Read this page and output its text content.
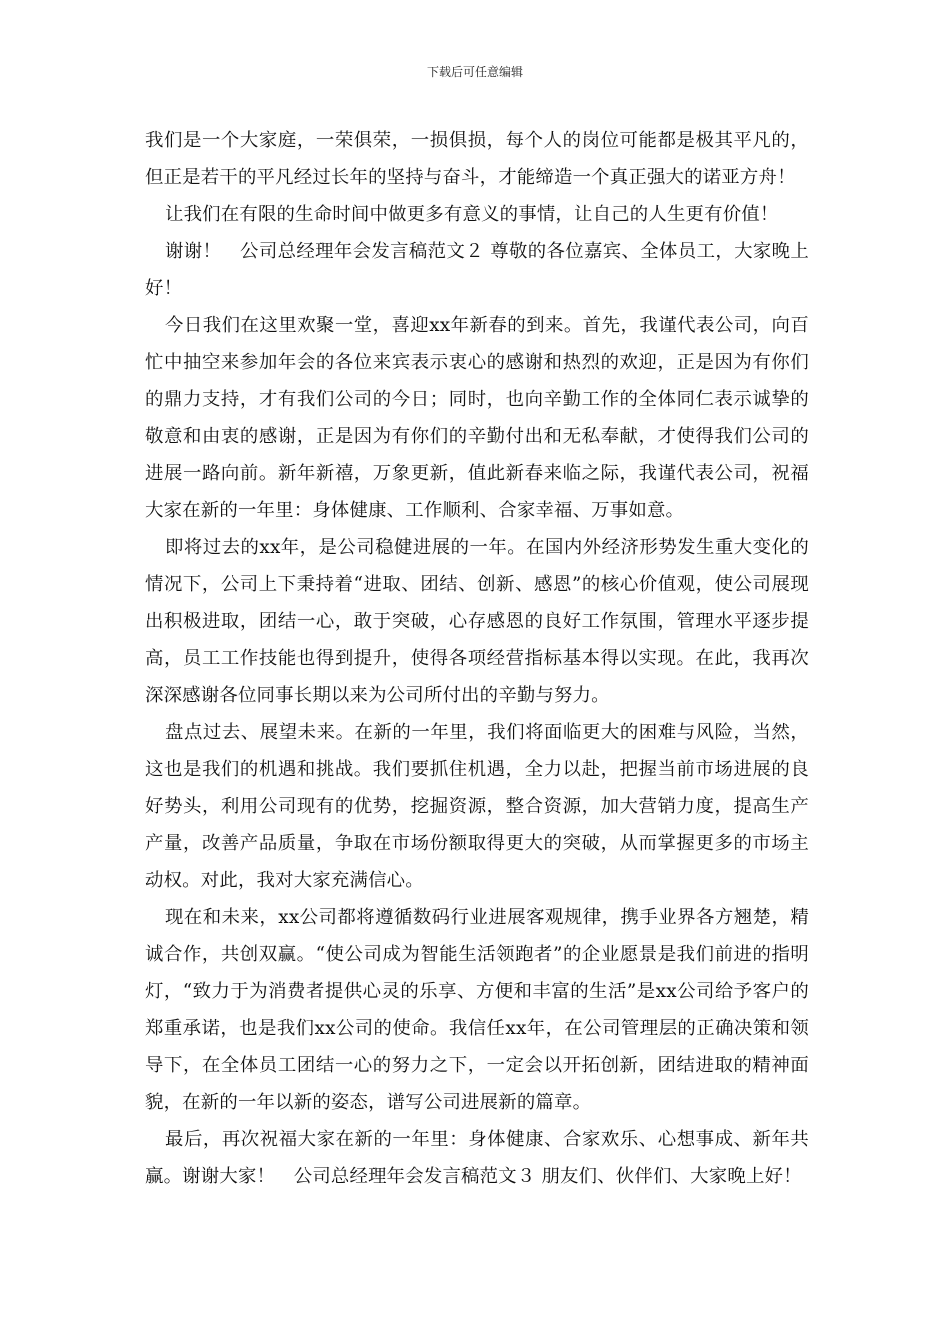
下载后可任意编辑

我们是一个大家庭，一荣俱荣，一损俱损，每个人的岗位可能都是极其平凡的，但正是若干的平凡经过长年的坚持与奋斗，才能缔造一个真正强大的诺亚方舟！

让我们在有限的生命时间中做更多有意义的事情，让自己的人生更有价值！

谢谢！　公司总经理年会发言稿范文２ 尊敬的各位嘉宾、全体员工，大家晚上好！

今日我们在这里欢聚一堂，喜迎xx年新春的到来。首先，我谨代表公司，向百忙中抽空来参加年会的各位来宾表示衷心的感谢和热烈的欢迎，正是因为有你们的鼎力支持，才有我们公司的今日；同时，也向辛勤工作的全体同仁表示诚挚的敬意和由衷的感谢，正是因为有你们的辛勤付出和无私奉献，才使得我们公司的进展一路向前。新年新禧，万象更新，值此新春来临之际，我谨代表公司，祝福大家在新的一年里：身体健康、工作顺利、合家幸福、万事如意。

即将过去的xx年，是公司稳健进展的一年。在国内外经济形势发生重大变化的情况下，公司上下秉持着“进取、团结、创新、感恩”的核心价值观，使公司展现出积极进取，团结一心，敢于突破，心存感恩的良好工作氛围，管理水平逐步提高，员工工作技能也得到提升，使得各项经营指标基本得以实现。在此，我再次深深感谢各位同事长期以来为公司所付出的辛勤与努力。

盘点过去、展望未来。在新的一年里，我们将面临更大的困难与风险，当然，这也是我们的机遇和挑战。我们要抓住机遇，全力以赴，把握当前市场进展的良好势头，利用公司现有的优势，挖掘资源，整合资源，加大营销力度，提高生产产量，改善产品质量，争取在市场份额取得更大的突破，从而掌握更多的市场主动权。对此，我对大家充满信心。

现在和未来，xx公司都将遵循数码行业进展客观规律，携手业界各方翘楚，精诚合作，共创双赢。“使公司成为智能生活领跑者”的企业愿景是我们前进的指明灯，“致力于为消费者提供心灵的乐享、方便和丰富的生活”是xx公司给予客户的郑重承诺，也是我们xx公司的使命。我信任xx年，在公司管理层的正确决策和领导下，在全体员工团结一心的努力之下，一定会以开拓创新，团结进取的精神面貌，在新的一年以新的姿态，谱写公司进展新的篇章。

最后，再次祝福大家在新的一年里：身体健康、合家欢乐、心想事成、新年共赢。谢谢大家！　公司总经理年会发言稿范文３ 朋友们、伙伴们、大家晚上好！
